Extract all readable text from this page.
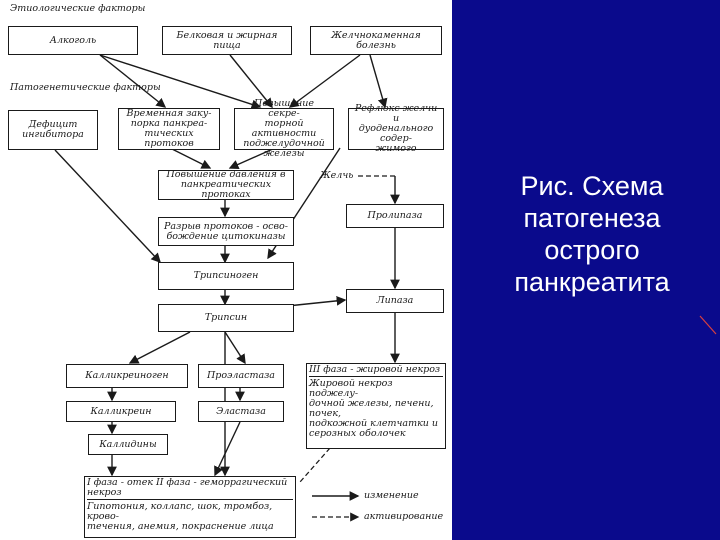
Этиологические факторы
Патогенетические факторы
Алкоголь	Белковая и жирная
пища
Желчнокаменная
болезнь
Дефицит
ингибитора
Временная заку-
порка панкреа-
тических протоков
Повышение секре-
торной активности
поджелудочной железы
Рефлюкс желчи и
дуоденального содер-
жимого
Повышение давления в
панкреатических
протоках
Разрыв протоков - осво-
бождение цитокиназы
Трипсиноген
Трипсин
Желчь
Пролипаза
Липаза
Калликреиноген	Проэластаза
Калликреин	Эластаза
Каллидины
III фаза - жировой некроз
Жировой некроз поджелу-
дочной железы, печени, почек,
подкожной клетчатки и
серозных оболочек
I фаза - отек II фаза - геморрагический
некроз
Гипотония, коллапс, шок, тромбоз, кровo-
течения, анемия, покраснение лица
изменение
активирование
Рис. Схема
патогенеза
острого
панкреатита
